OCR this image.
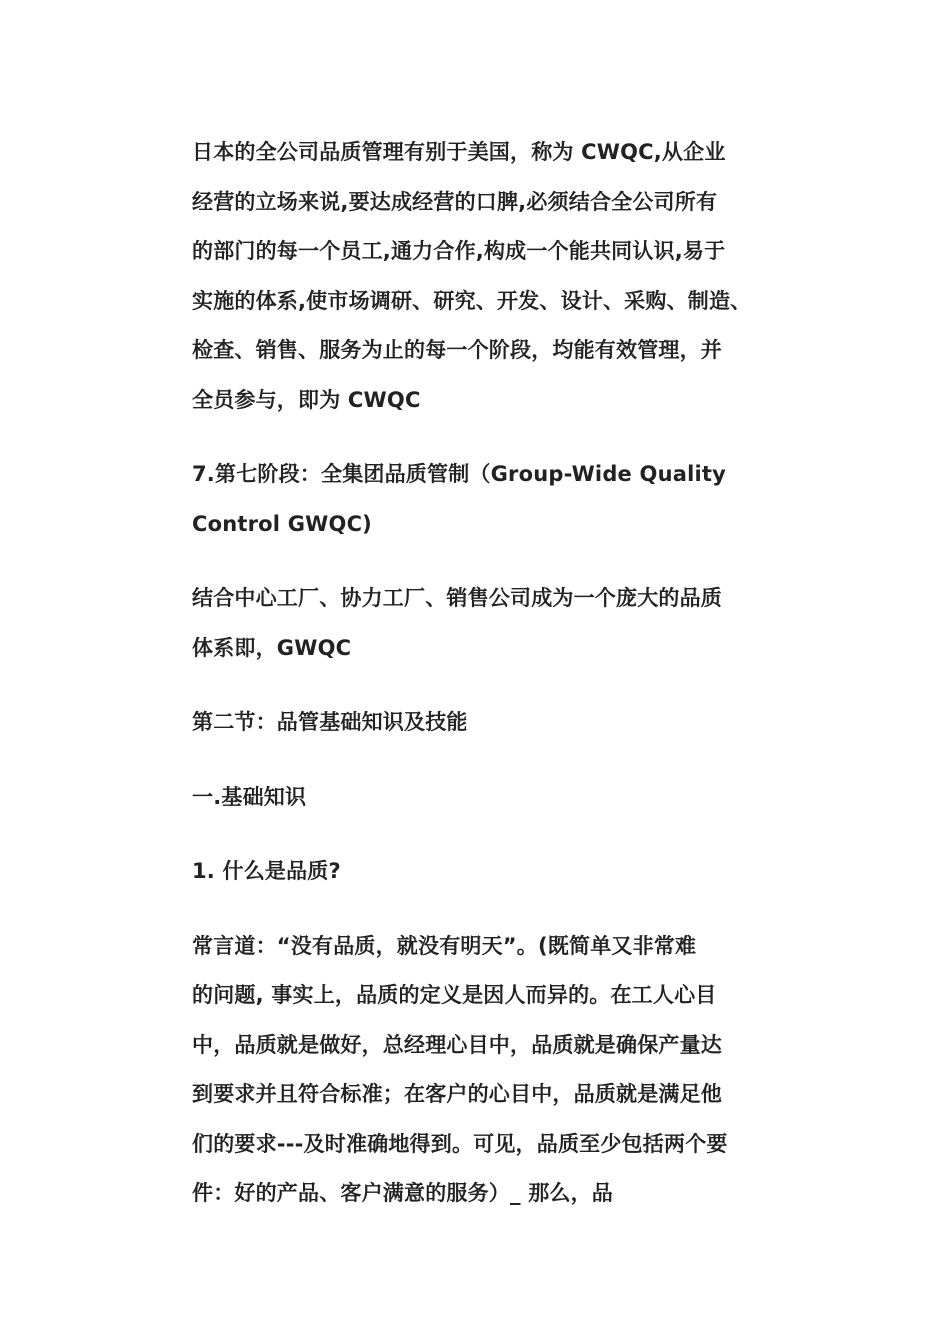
日本的全公司品质管理有别于美国，称为 CWQC,从企业
经营的立场来说,要达成经营的口脾,必须结合全公司所有
的部门的每一个员工,通力合作,构成一个能共同认识,易于
实施的体系,使市场调研、研究、开发、设计、采购、制造、
检查、销售、服务为止的每一个阶段，均能有效管理，并
全员参与，即为 CWQC

7.第七阶段：全集团品质管制（Group-Wide Quality
Control GWQC)

结合中心工厂、协力工厂、销售公司成为一个庞大的品质
体系即，GWQC

第二节：品管基础知识及技能

一.基础知识

1. 什么是品质?

常言道：“没有品质，就没有明天”。(既简单又非常难
的问题, 事实上，品质的定义是因人而异的。在工人心目
中，品质就是做好，总经理心目中，品质就是确保产量达
到要求并且符合标准；在客户的心目中，品质就是满足他
们的要求---及时准确地得到。可见，品质至少包括两个要
件：好的产品、客户满意的服务）_ 那么，品
